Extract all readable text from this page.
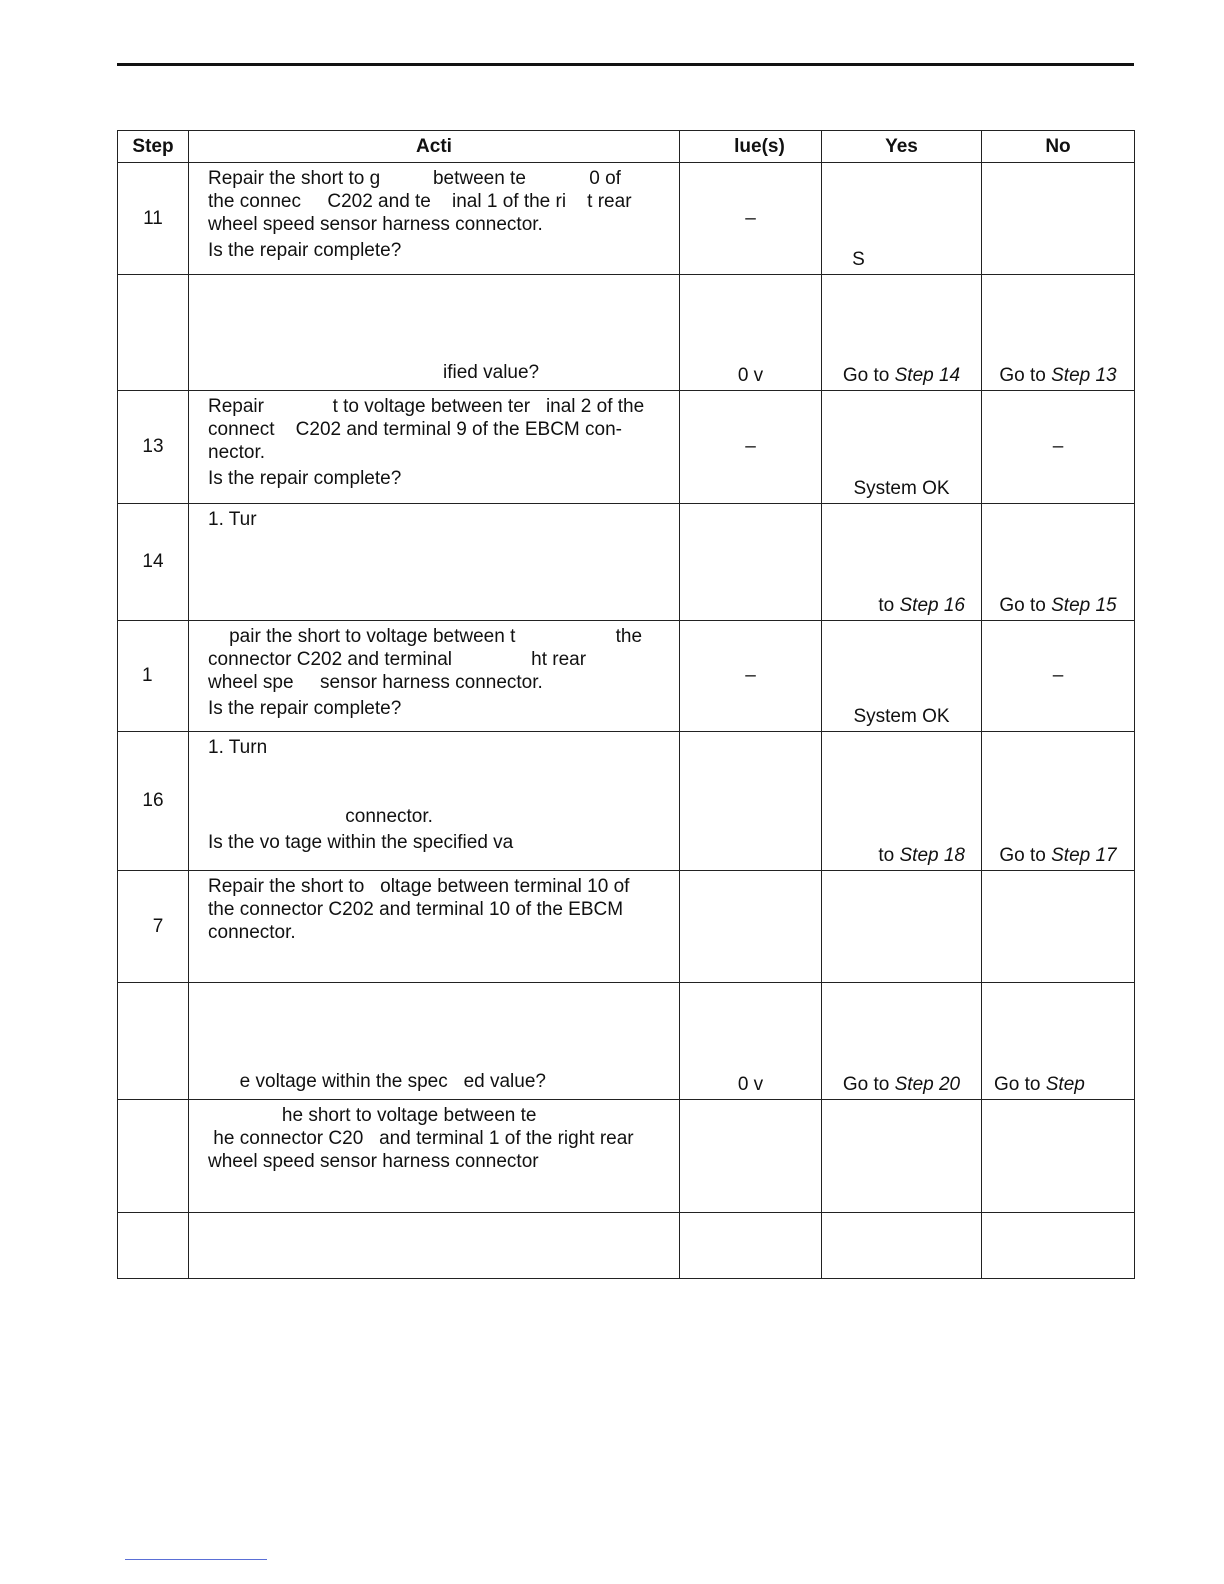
Step	Acti	lue(s)	Yes	No
11	Repair the short to g          between te            0 of
the connec     C202 and te    inal 1 of the ri    t rear
wheel speed sensor harness connector.
Is the repair complete?	–	S	

	ified value?	0 v	Go to Step 14	Go to Step 13
13	Repair             t to voltage between ter   inal 2 of the
connect    C202 and terminal 9 of the EBCM con-
nector.
Is the repair complete?	–	System OK	–
14	1. Tur		to Step 16	Go to Step 15
1	pair the short to voltage between t                   the
connector C202 and terminal               ht rear
wheel spe     sensor harness connector.
Is the repair complete?	–	System OK	–
16	1. Turn
connector.
Is the vo tage within the specified va		to Step 18	Go to Step 17
7	Repair the short to   oltage between terminal 10 of
the connector C202 and terminal 10 of the EBCM
connector.			

	e voltage within the spec   ed value?	0 v	Go to Step 20	Go to Step

	he short to voltage between te
he connector C20   and terminal 1 of the right rear
wheel speed sensor harness connector			
